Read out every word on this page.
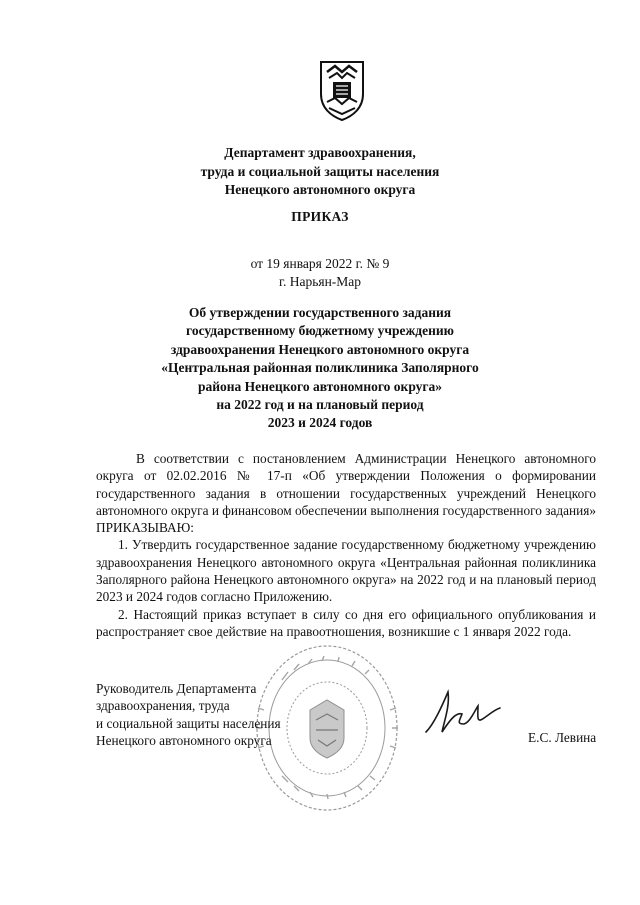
Департамент здравоохранения,
труда и социальной защиты населения
Ненецкого автономного округа
ПРИКАЗ
от 19 января 2022 г. № 9
г. Нарьян-Мар
Об утверждении государственного задания
государственному бюджетному учреждению
здравоохранения Ненецкого автономного округа
«Центральная районная поликлиника Заполярного
района Ненецкого автономного округа»
на 2022 год и на плановый период
2023 и 2024 годов

В соответствии с постановлением Администрации Ненецкого автономного округа от 02.02.2016 № 17-п «Об утверждении Положения о формировании государственного задания в отношении государственных учреждений Ненецкого автономного округа и финансовом обеспечении выполнения государственного задания» ПРИКАЗЫВАЮ:

1. Утвердить государственное задание государственному бюджетному учреждению здравоохранения Ненецкого автономного округа «Центральная районная поликлиника Заполярного района Ненецкого автономного округа» на 2022 год и на плановый период 2023 и 2024 годов согласно Приложению.

2. Настоящий приказ вступает в силу со дня его официального опубликования и распространяет свое действие на правоотношения, возникшие с 1 января 2022 года.

Руководитель Департамента
здравоохранения, труда
и социальной защиты населения
Ненецкого автономного округа	Е.С. Левина
